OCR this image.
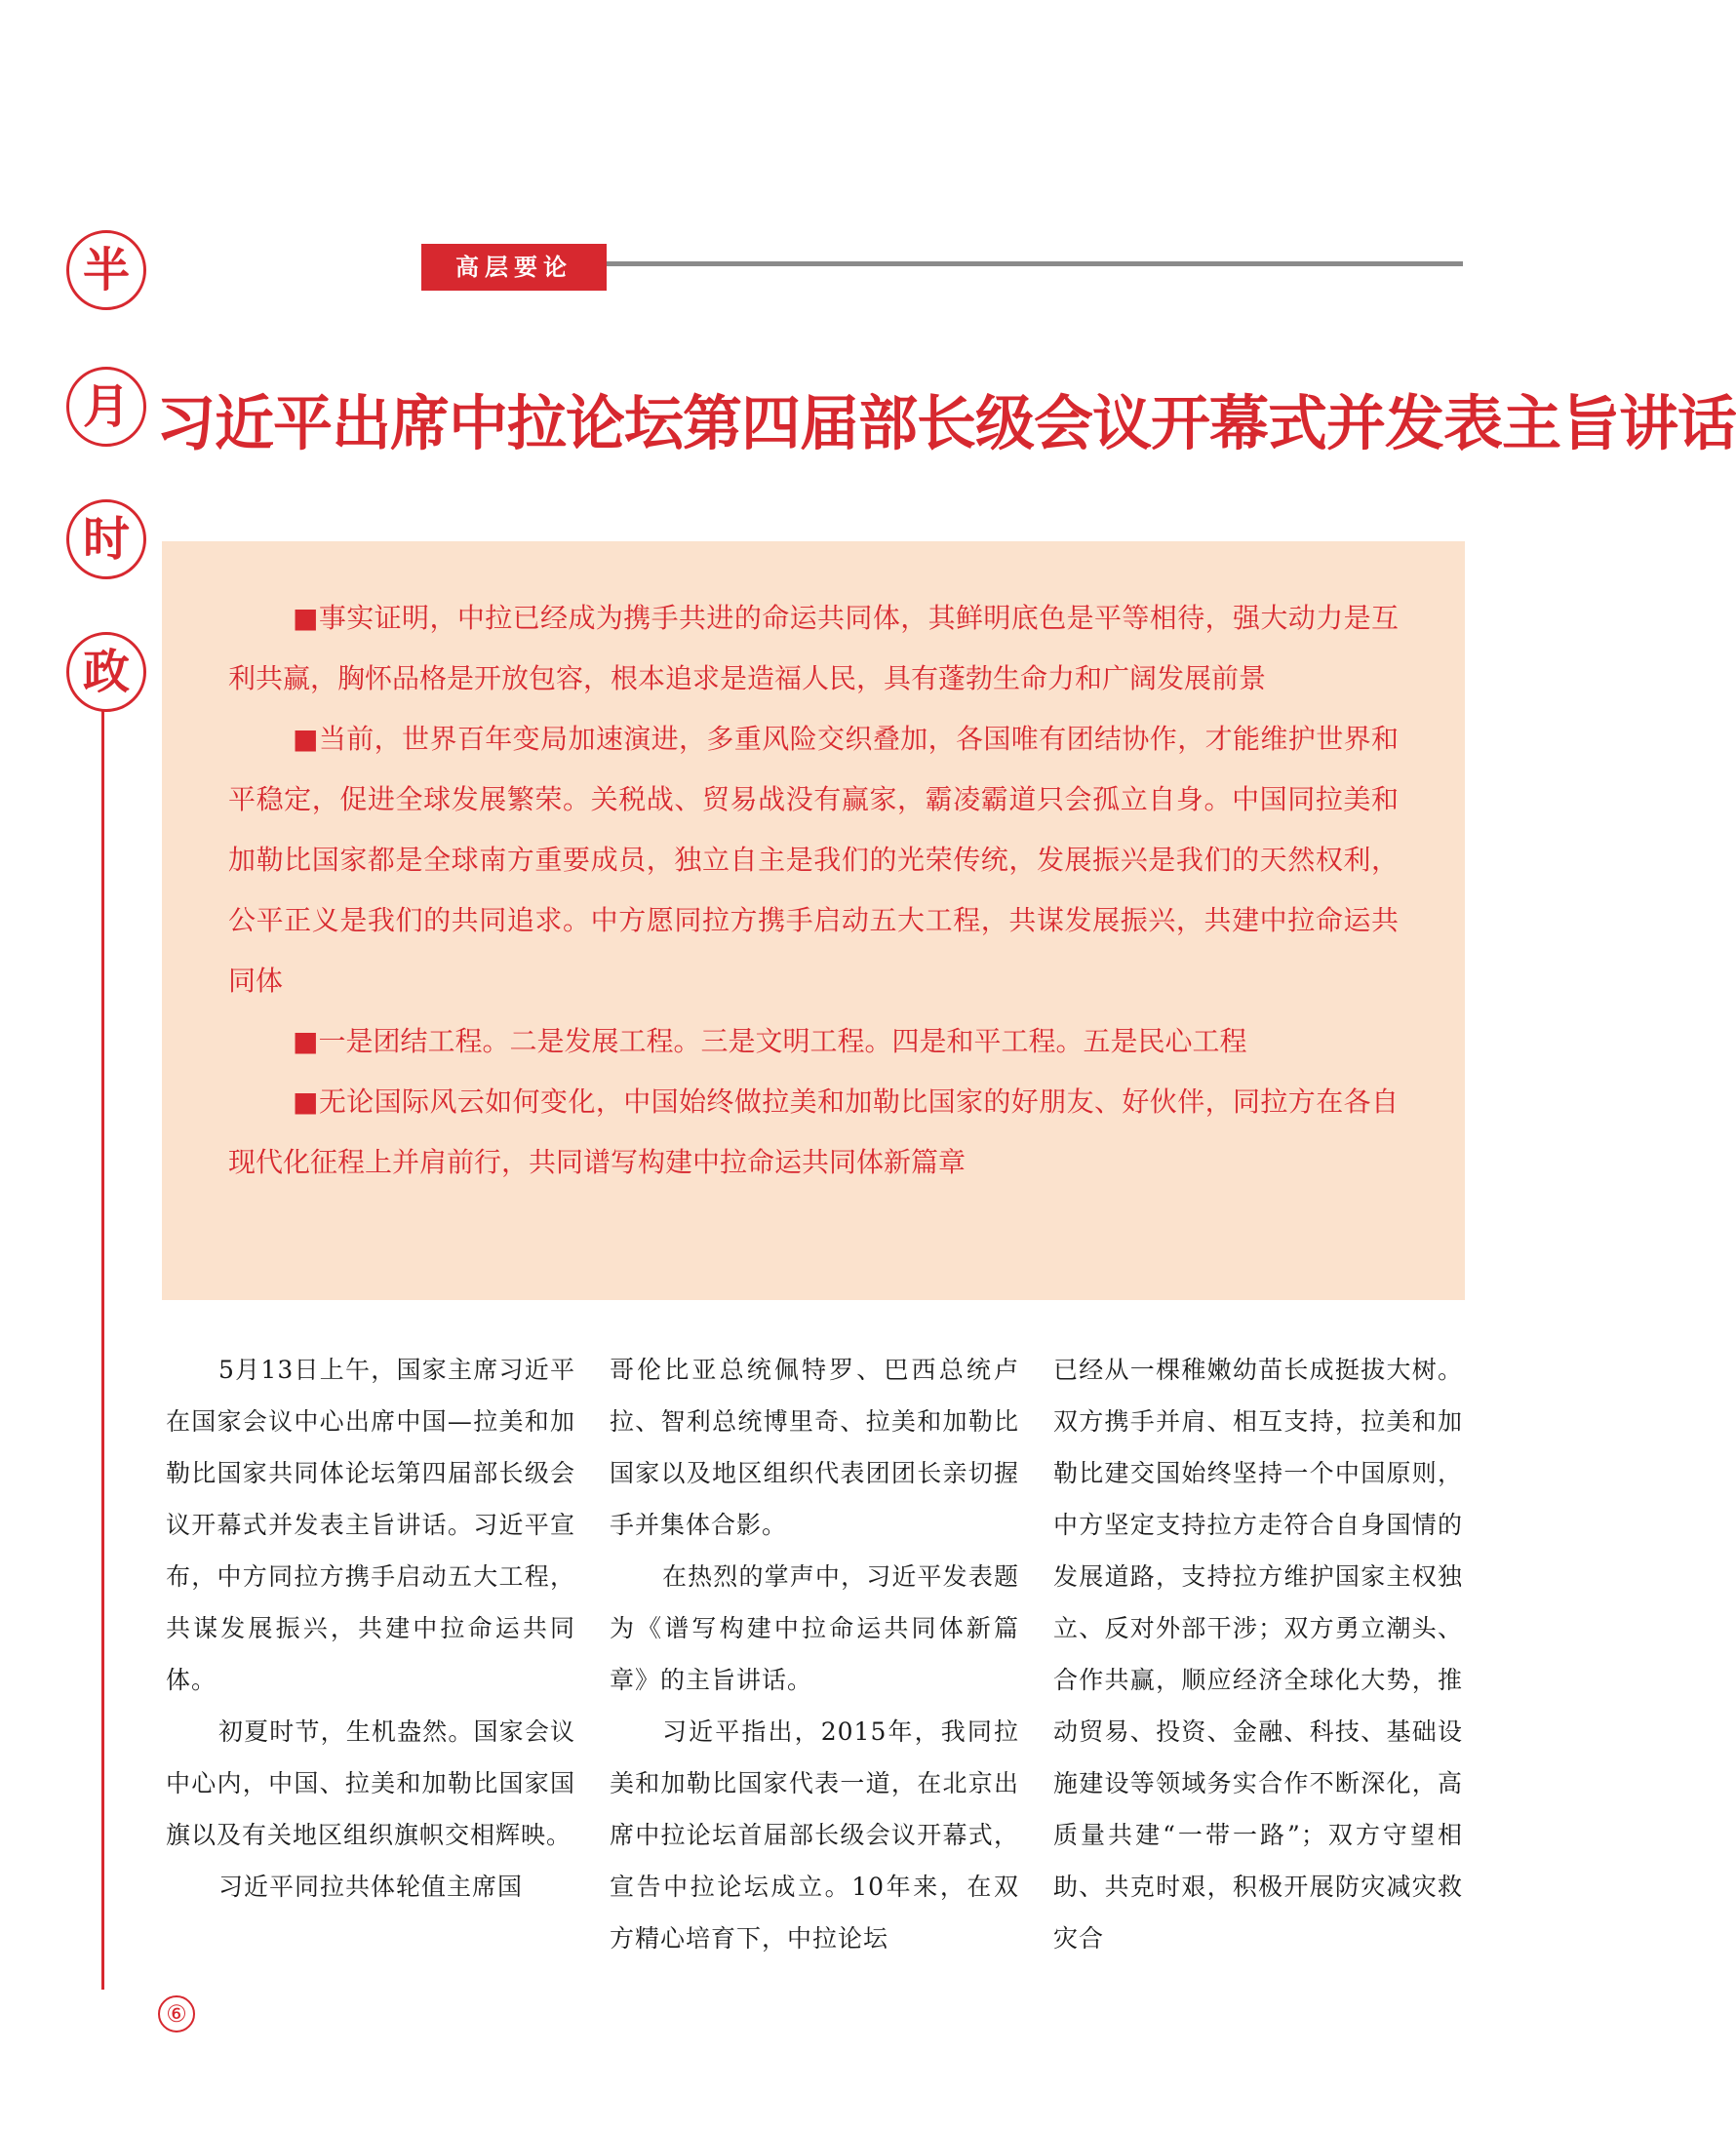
半
月
时
政
高层要论
习近平出席中拉论坛第四届部长级会议开幕式并发表主旨讲话

■事实证明，中拉已经成为携手共进的命运共同体，其鲜明底色是平等相待，强大动力是互利共赢，胸怀品格是开放包容，根本追求是造福人民，具有蓬勃生命力和广阔发展前景

■当前，世界百年变局加速演进，多重风险交织叠加，各国唯有团结协作，才能维护世界和平稳定，促进全球发展繁荣。关税战、贸易战没有赢家，霸凌霸道只会孤立自身。中国同拉美和加勒比国家都是全球南方重要成员，独立自主是我们的光荣传统，发展振兴是我们的天然权利，公平正义是我们的共同追求。中方愿同拉方携手启动五大工程，共谋发展振兴，共建中拉命运共同体

■一是团结工程。二是发展工程。三是文明工程。四是和平工程。五是民心工程

■无论国际风云如何变化，中国始终做拉美和加勒比国家的好朋友、好伙伴，同拉方在各自现代化征程上并肩前行，共同谱写构建中拉命运共同体新篇章

5月13日上午，国家主席习近平在国家会议中心出席中国—拉美和加勒比国家共同体论坛第四届部长级会议开幕式并发表主旨讲话。习近平宣布，中方同拉方携手启动五大工程，共谋发展振兴，共建中拉命运共同体。

初夏时节，生机盎然。国家会议中心内，中国、拉美和加勒比国家国旗以及有关地区组织旗帜交相辉映。

习近平同拉共体轮值主席国

哥伦比亚总统佩特罗、巴西总统卢拉、智利总统博里奇、拉美和加勒比国家以及地区组织代表团团长亲切握手并集体合影。

在热烈的掌声中，习近平发表题为《谱写构建中拉命运共同体新篇章》的主旨讲话。

习近平指出，2015年，我同拉美和加勒比国家代表一道，在北京出席中拉论坛首届部长级会议开幕式，宣告中拉论坛成立。10年来，在双方精心培育下，中拉论坛

已经从一棵稚嫩幼苗长成挺拔大树。双方携手并肩、相互支持，拉美和加勒比建交国始终坚持一个中国原则，中方坚定支持拉方走符合自身国情的发展道路，支持拉方维护国家主权独立、反对外部干涉；双方勇立潮头、合作共赢，顺应经济全球化大势，推动贸易、投资、金融、科技、基础设施建设等领域务实合作不断深化，高质量共建“一带一路”；双方守望相助、共克时艰，积极开展防灾减灾救灾合

⑥
